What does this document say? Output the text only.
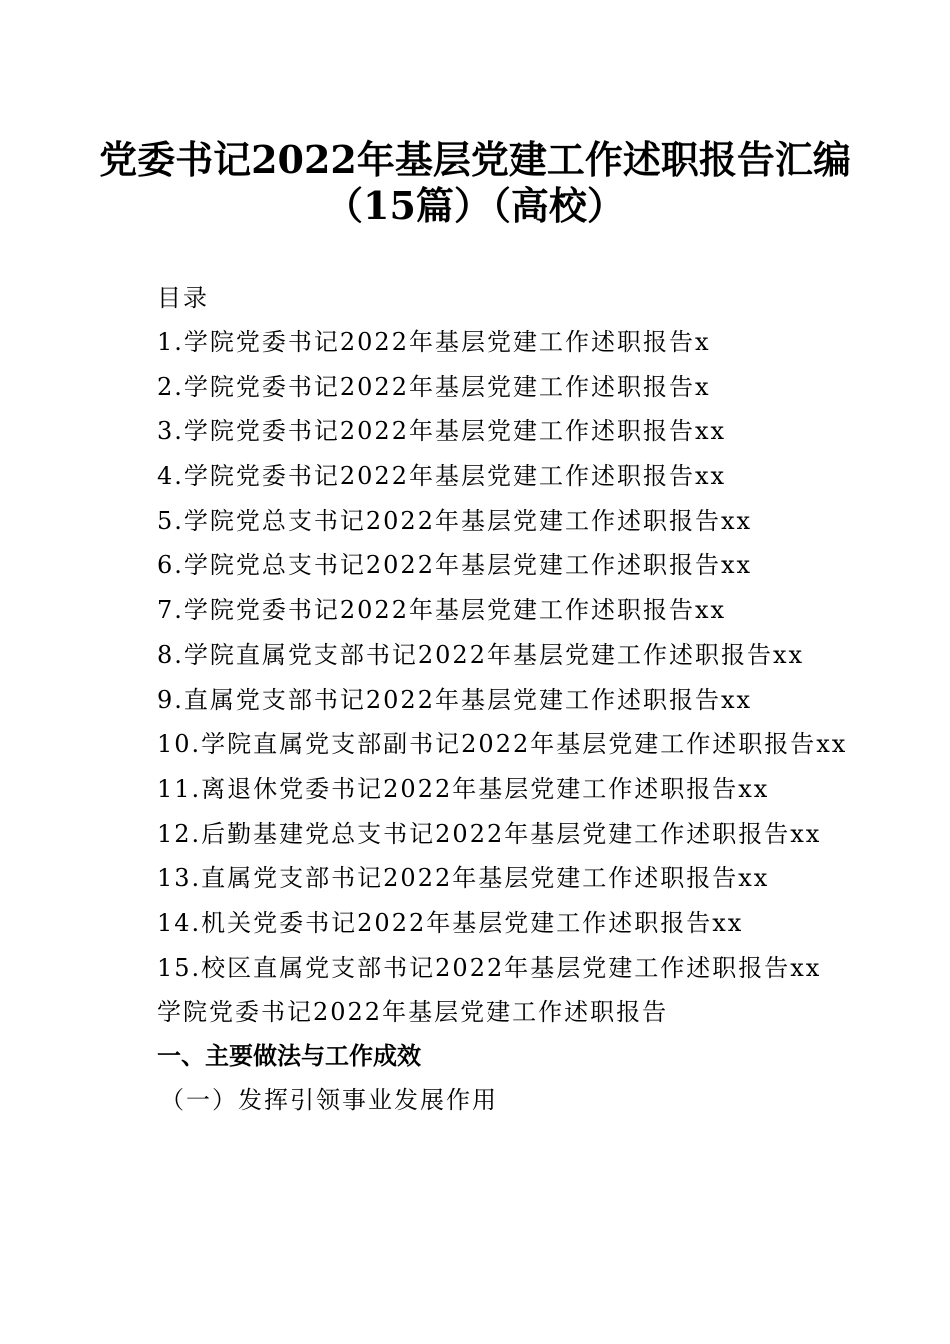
党委书记2022年基层党建工作述职报告汇编
（15篇）（高校）
目录
1.学院党委书记2022年基层党建工作述职报告x
2.学院党委书记2022年基层党建工作述职报告x
3.学院党委书记2022年基层党建工作述职报告xx
4.学院党委书记2022年基层党建工作述职报告xx
5.学院党总支书记2022年基层党建工作述职报告xx
6.学院党总支书记2022年基层党建工作述职报告xx
7.学院党委书记2022年基层党建工作述职报告xx
8.学院直属党支部书记2022年基层党建工作述职报告xx
9.直属党支部书记2022年基层党建工作述职报告xx
10.学院直属党支部副书记2022年基层党建工作述职报告xx
11.离退休党委书记2022年基层党建工作述职报告xx
12.后勤基建党总支书记2022年基层党建工作述职报告xx
13.直属党支部书记2022年基层党建工作述职报告xx
14.机关党委书记2022年基层党建工作述职报告xx
15.校区直属党支部书记2022年基层党建工作述职报告xx
学院党委书记2022年基层党建工作述职报告
一、主要做法与工作成效
（一）发挥引领事业发展作用
